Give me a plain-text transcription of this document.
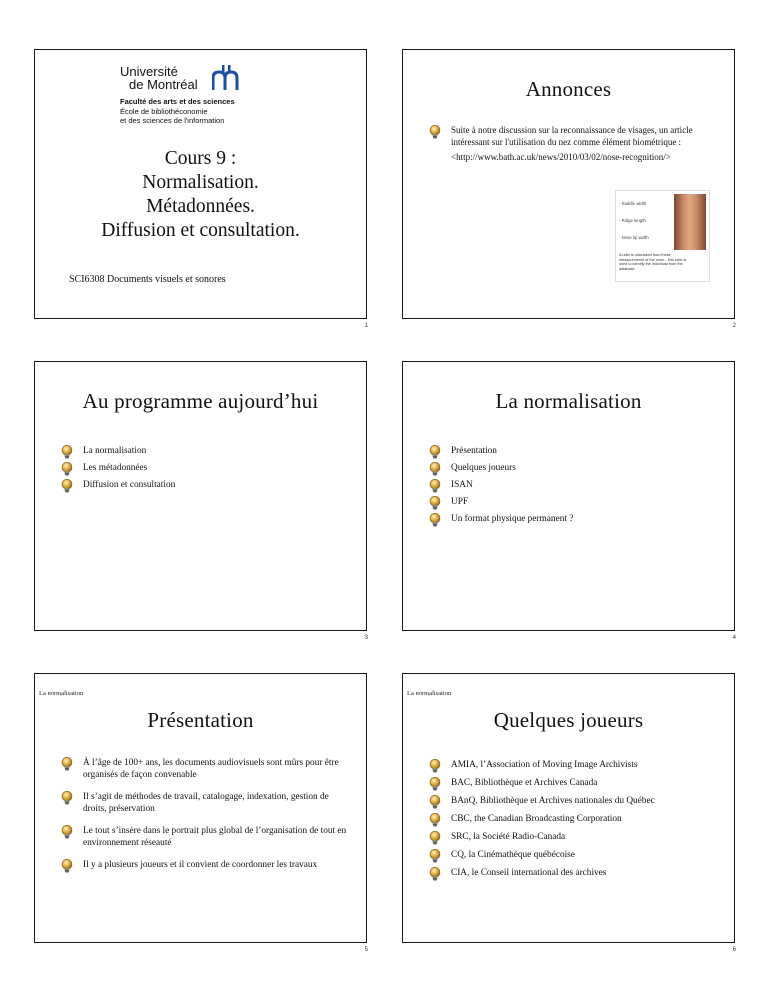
Université
de Montréal
Faculté des arts et des sciences
École de bibliothéconomie
et des sciences de l'information
Cours 9 :
Normalisation.
Métadonnées.
Diffusion et consultation.
SCI6308 Documents visuels et sonores
1
Annonces
Suite à notre discussion sur la reconnaissance de visages, un article intéressant sur l'utilisation du nez comme élément biométrique :
<http://www.bath.ac.uk/news/2010/03/02/nose-recognition/>
- Saddle width
- Ridge length
- Nose tip width
A ratio is calculated from these measurements of the nose – this ratio is used to identify the individual from the database
2
Au programme aujourd’hui
La normalisation
Les métadonnées
Diffusion et consultation
3
La normalisation
Présentation
Quelques joueurs
ISAN
UPF
Un format physique permanent ?
4
La normalisation
Présentation
À l’âge de 100+ ans, les documents audiovisuels sont mûrs pour être organisés de façon convenable
Il s’agit de méthodes de travail, catalogage, indexation, gestion de droits, préservation
Le tout s’insère dans le portrait plus global de l’organisation de tout en environnement réseauté
Il y a plusieurs joueurs et il convient de coordonner les travaux
5
La normalisation
Quelques joueurs
AMIA, l’Association of Moving Image Archivists
BAC, Bibliothèque et Archives Canada
BAnQ, Bibliothèque et Archives nationales du Québec
CBC, the Canadian Broadcasting Corporation
SRC, la Société Radio-Canada
CQ, la Cinémathèque québécoise
CIA, le Conseil international des archives
6
